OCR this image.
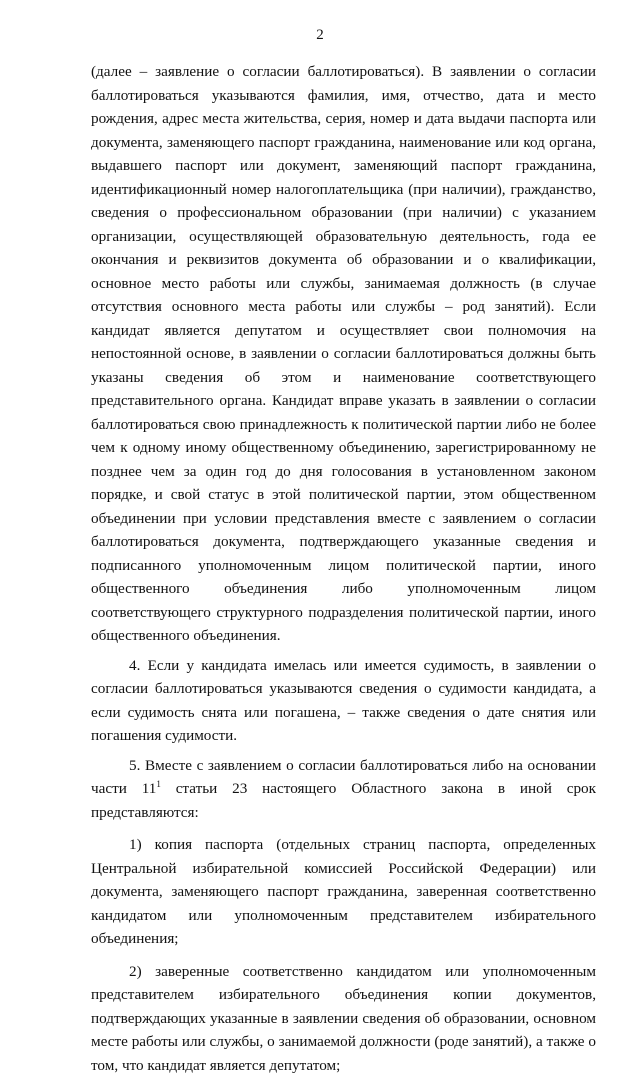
2

(далее – заявление о согласии баллотироваться). В заявлении о согласии баллотироваться указываются фамилия, имя, отчество, дата и место рождения, адрес места жительства, серия, номер и дата выдачи паспорта или документа, заменяющего паспорт гражданина, наименование или код органа, выдавшего паспорт или документ, заменяющий паспорт гражданина, идентификационный номер налогоплательщика (при наличии), гражданство, сведения о профессиональном образовании (при наличии) с указанием организации, осуществляющей образовательную деятельность, года ее окончания и реквизитов документа об образовании и о квалификации, основное место работы или службы, занимаемая должность (в случае отсутствия основного места работы или службы – род занятий). Если кандидат является депутатом и осуществляет свои полномочия на непостоянной основе, в заявлении о согласии баллотироваться должны быть указаны сведения об этом и наименование соответствующего представительного органа. Кандидат вправе указать в заявлении о согласии баллотироваться свою принадлежность к политической партии либо не более чем к одному иному общественному объединению, зарегистрированному не позднее чем за один год до дня голосования в установленном законом порядке, и свой статус в этой политической партии, этом общественном объединении при условии представления вместе с заявлением о согласии баллотироваться документа, подтверждающего указанные сведения и подписанного уполномоченным лицом политической партии, иного общественного объединения либо уполномоченным лицом соответствующего структурного подразделения политической партии, иного общественного объединения.

4. Если у кандидата имелась или имеется судимость, в заявлении о согласии баллотироваться указываются сведения о судимости кандидата, а если судимость снята или погашена, – также сведения о дате снятия или погашения судимости.

5. Вместе с заявлением о согласии баллотироваться либо на основании части $11^1$ статьи 23 настоящего Областного закона в иной срок представляются:

1) копия паспорта (отдельных страниц паспорта, определенных Центральной избирательной комиссией Российской Федерации) или документа, заменяющего паспорт гражданина, заверенная соответственно кандидатом или уполномоченным представителем избирательного объединения;

2) заверенные соответственно кандидатом или уполномоченным представителем избирательного объединения копии документов, подтверждающих указанные в заявлении сведения об образовании, основном месте работы или службы, о занимаемой должности (роде занятий), а также о том, что кандидат является депутатом;
